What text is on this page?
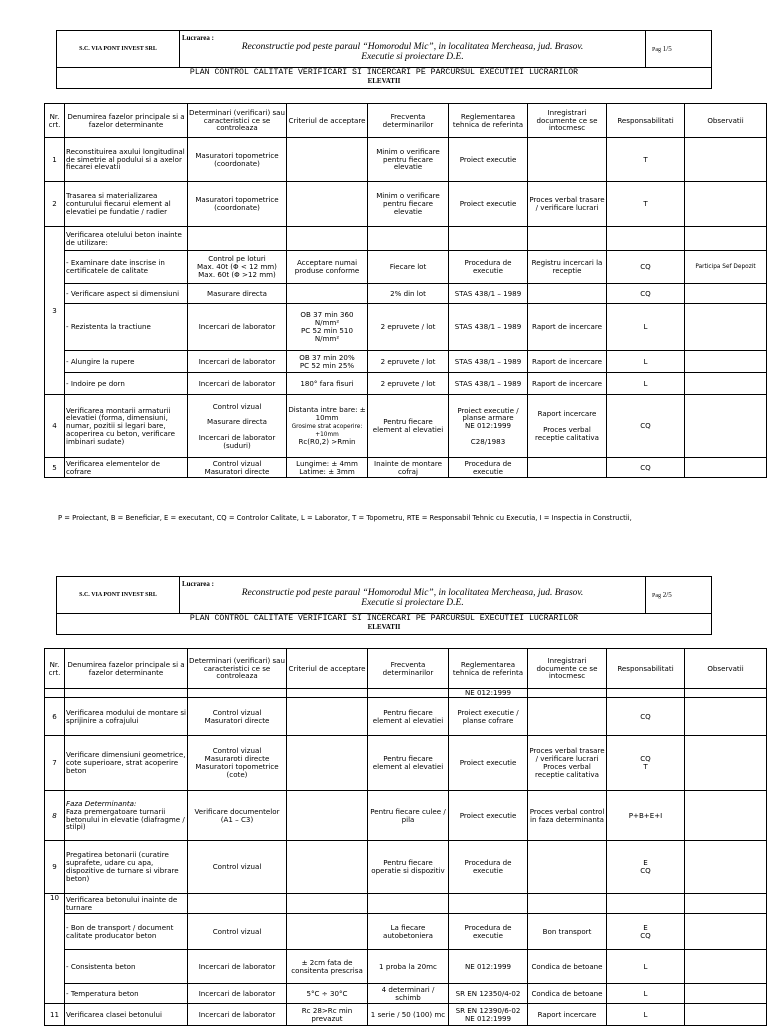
S.C. VIA PONT INVEST SRL	
Lucrarea :
Reconstructie pod peste paraul “Homorodul Mic”, in localitatea Mercheasa, jud. Brasov.
Executie si proiectare D.E.	Pag 1/5
PLAN CONTROL CALITATE VERIFICARI SI INCERCARI PE PARCURSUL EXECUTIEI LUCRARILOR
ELEVATII
Nr. crt.	Denumirea fazelor principale si a fazelor determinante	Determinari (verificari) sau caracteristici ce se controleaza	Criteriul de acceptare	Frecventa determinarilor	Reglementarea tehnica de referinta	Inregistrari documente ce se intocmesc	Responsabilitati	Observatii
1	Reconstituirea axului longitudinal de simetrie al podului si a axelor fiecarei elevatii	Masuratori topometrice (coordonate)		Minim o verificare pentru fiecare elevatie	Proiect executie		T	
2	Trasarea si materializarea conturului fiecarui element al elevatiei pe fundatie / radier	Masuratori topometrice (coordonate)		Minim o verificare pentru fiecare elevatie	Proiect executie	Proces verbal trasare / verificare lucrari	T	
3	Verificarea otelului beton inainte de utilizare:							
	- Examinare date inscrise in certificatele de calitate	Control pe loturi
Max. 40t (Φ < 12 mm)
Max. 60t (Φ >12 mm)	Acceptare numai produse conforme	Fiecare lot	Procedura de executie	Registru incercari la receptie	CQ	Participa Sef Depozit
	- Verificare aspect si dimensiuni	Masurare directa		2% din lot	STAS 438/1 – 1989		CQ	
	- Rezistenta la tractiune	Incercari de laborator	OB 37 min 360 N/mm²
PC 52 min 510 N/mm²	2 epruvete / lot	STAS 438/1 – 1989	Raport de incercare	L	
	- Alungire la rupere	Incercari de laborator	OB 37 min 20%
PC 52 min 25%	2 epruvete / lot	STAS 438/1 – 1989	Raport de incercare	L	
	- Indoire pe dorn	Incercari de laborator	180° fara fisuri	2 epruvete / lot	STAS 438/1 – 1989	Raport de incercare	L	
4	Verificarea montarii armaturii elevatiei (forma, dimensiuni, numar, pozitii si legari bare, acoperirea cu beton, verificare imbinari sudate)	Control vizual

Masurare directa

Incercari de laborator (suduri)	Distanta intre bare: ± 10mm
Grosime strat acoperire: +10mm
Rc(R0,2) >Rmin	Pentru fiecare element al elevatiei	Proiect executie / planse armare
NE 012:1999

C28/1983	Raport incercare

Proces verbal receptie calitativa	CQ	
5	Verificarea elementelor de cofrare	Control vizual
Masuratori directe	Lungime: ± 4mm
Latime: ± 3mm	Inainte de montare cofraj	Procedura de executie		CQ	
P = Proiectant, B = Beneficiar, E = executant, CQ = Controlor Calitate, L = Laborator, T = Topometru, RTE = Responsabil Tehnic cu Executia, I = Inspectia in Constructii,
S.C. VIA PONT INVEST SRL	
Lucrarea :
Reconstructie pod peste paraul “Homorodul Mic”, in localitatea Mercheasa, jud. Brasov.
Executie si proiectare D.E.	Pag 2/5
PLAN CONTROL CALITATE VERIFICARI SI INCERCARI PE PARCURSUL EXECUTIEI LUCRARILOR
ELEVATII
Nr. crt.	Denumirea fazelor principale si a fazelor determinante	Determinari (verificari) sau caracteristici ce se controleaza	Criteriul de acceptare	Frecventa determinarilor	Reglementarea tehnica de referinta	Inregistrari documente ce se intocmesc	Responsabilitati	Observatii
					NE 012:1999			
6	Verificarea modului de montare si sprijinire a cofrajului	Control vizual
Masuratori directe		Pentru fiecare element al elevatiei	Proiect executie / planse cofrare		CQ	
7	Verificare dimensiuni geometrice, cote superioare, strat acoperire beton	Control vizual
Masuraroti directe
Masuratori topometrice (cote)		Pentru fiecare element al elevatiei	Proiect executie	Proces verbal trasare / verificare lucrari
Proces verbal receptie calitativa	CQ
T	
8	Faza Determinanta:
Faza premergatoare turnarii betonului in elevatie (diafragme / stilpi)	Verificare documentelor (A1 – C3)		Pentru fiecare culee / pila	Proiect executie	Proces verbal control in faza determinanta	P+B+E+I	
9	Pregatirea betonarii (curatire suprafete, udare cu apa, dispozitive de turnare si vibrare beton)	Control vizual		Pentru fiecare operatie si dispozitiv	Procedura de executie		E
CQ	
10	Verificarea betonului inainte de turnare							
	- Bon de transport / document calitate producator beton	Control vizual		La fiecare autobetoniera	Procedura de executie	Bon transport	E
CQ	
	- Consistenta beton	Incercari de laborator	± 2cm fata de consitenta prescrisa	1 proba la 20mc	NE 012:1999	Condica de betoane	L	
	- Temperatura beton	Incercari de laborator	5°C ÷ 30°C	4 determinari / schimb	SR EN 12350/4-02	Condica de betoane	L	
11	Verificarea clasei betonului	Incercari de laborator	Rc 28>Rc min prevazut	1 serie / 50 (100) mc	SR EN 12390/6-02
NE 012:1999	Raport incercare	L	
